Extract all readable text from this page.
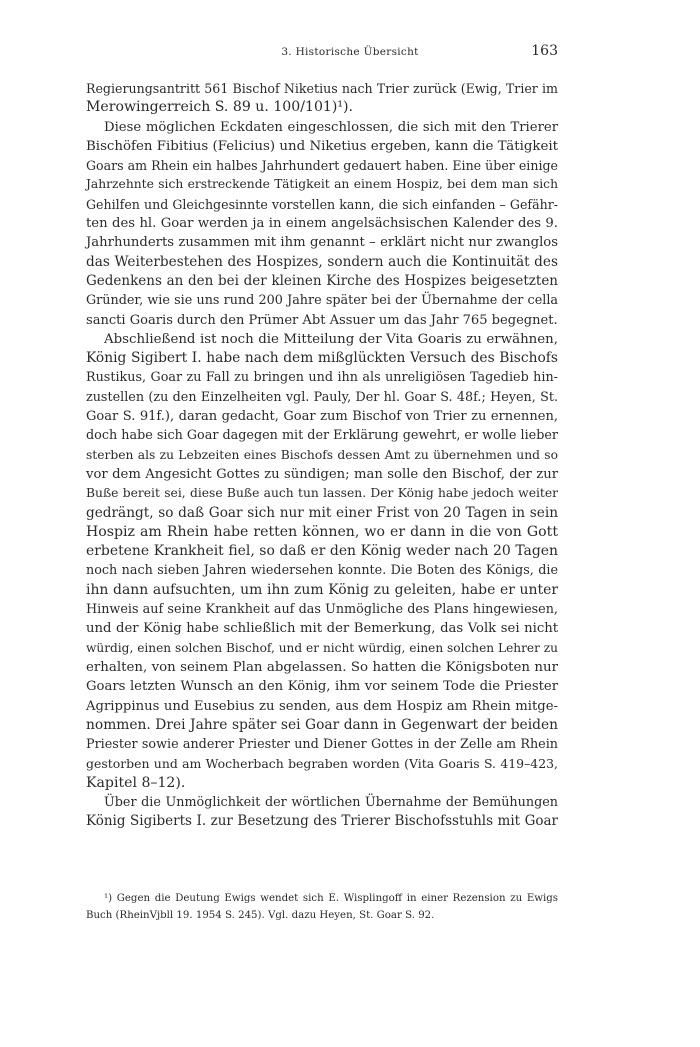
3. Historische Übersicht	163
Regierungsantritt 561 Bischof Niketius nach Trier zurück (Ewig, Trier im
Merowingerreich S. 89 u. 100/101)¹).
Diese möglichen Eckdaten eingeschlossen, die sich mit den Trierer
Bischöfen Fibitius (Felicius) und Niketius ergeben, kann die Tätigkeit
Goars am Rhein ein halbes Jahrhundert gedauert haben. Eine über einige
Jahrzehnte sich erstreckende Tätigkeit an einem Hospiz, bei dem man sich
Gehilfen und Gleichgesinnte vorstellen kann, die sich einfanden – Gefähr-
ten des hl. Goar werden ja in einem angelsächsischen Kalender des 9.
Jahrhunderts zusammen mit ihm genannt – erklärt nicht nur zwanglos
das Weiterbestehen des Hospizes, sondern auch die Kontinuität des
Gedenkens an den bei der kleinen Kirche des Hospizes beigesetzten
Gründer, wie sie uns rund 200 Jahre später bei der Übernahme der cella
sancti Goaris durch den Prümer Abt Assuer um das Jahr 765 begegnet.
Abschließend ist noch die Mitteilung der Vita Goaris zu erwähnen,
König Sigibert I. habe nach dem mißglückten Versuch des Bischofs
Rustikus, Goar zu Fall zu bringen und ihn als unreligiösen Tagedieb hin-
zustellen (zu den Einzelheiten vgl. Pauly, Der hl. Goar S. 48f.; Heyen, St.
Goar S. 91f.), daran gedacht, Goar zum Bischof von Trier zu ernennen,
doch habe sich Goar dagegen mit der Erklärung gewehrt, er wolle lieber
sterben als zu Lebzeiten eines Bischofs dessen Amt zu übernehmen und so
vor dem Angesicht Gottes zu sündigen; man solle den Bischof, der zur
Buße bereit sei, diese Buße auch tun lassen. Der König habe jedoch weiter
gedrängt, so daß Goar sich nur mit einer Frist von 20 Tagen in sein
Hospiz am Rhein habe retten können, wo er dann in die von Gott
erbetene Krankheit fiel, so daß er den König weder nach 20 Tagen
noch nach sieben Jahren wiedersehen konnte. Die Boten des Königs, die
ihn dann aufsuchten, um ihn zum König zu geleiten, habe er unter
Hinweis auf seine Krankheit auf das Unmögliche des Plans hingewiesen,
und der König habe schließlich mit der Bemerkung, das Volk sei nicht
würdig, einen solchen Bischof, und er nicht würdig, einen solchen Lehrer zu
erhalten, von seinem Plan abgelassen. So hatten die Königsboten nur
Goars letzten Wunsch an den König, ihm vor seinem Tode die Priester
Agrippinus und Eusebius zu senden, aus dem Hospiz am Rhein mitge-
nommen. Drei Jahre später sei Goar dann in Gegenwart der beiden
Priester sowie anderer Priester und Diener Gottes in der Zelle am Rhein
gestorben und am Wocherbach begraben worden (Vita Goaris S. 419–423,
Kapitel 8–12).
Über die Unmöglichkeit der wörtlichen Übernahme der Bemühungen
König Sigiberts I. zur Besetzung des Trierer Bischofsstuhls mit Goar
¹) Gegen die Deutung Ewigs wendet sich E. Wisplingoff in einer Rezension zu Ewigs
Buch (RheinVjbll 19. 1954 S. 245). Vgl. dazu Heyen, St. Goar S. 92.
